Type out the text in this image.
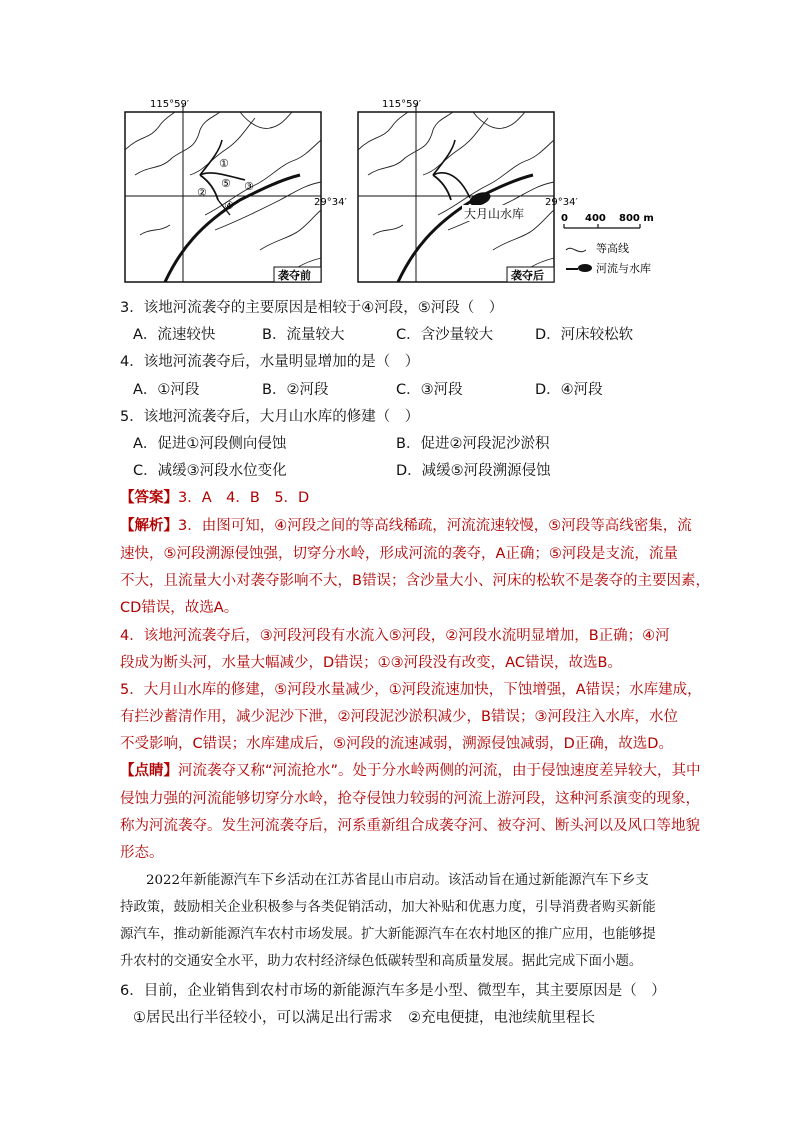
115°59′
29°34′
①
②
⑤ ③
④
袭夺前
115°59′
29°34′
大月山水库
袭夺后
0 400 800 m
等高线
河流与水库
3．该地河流袭夺的主要原因是相较于④河段，⑤河段（　）
A．流速较快	B．流量较大	C．含沙量较大	D．河床较松软
4．该地河流袭夺后，水量明显增加的是（　）
A．①河段	B．②河段	C．③河段	D．④河段
5．该地河流袭夺后，大月山水库的修建（　）
A．促进①河段侧向侵蚀	B．促进②河段泥沙淤积
C．减缓③河段水位变化	D．减缓⑤河段溯源侵蚀
【答案】3．A　4．B　5．D
【解析】3．由图可知，④河段之间的等高线稀疏，河流流速较慢，⑤河段等高线密集，流
速快，⑤河段溯源侵蚀强，切穿分水岭，形成河流的袭夺，A正确；⑤河段是支流，流量
不大，且流量大小对袭夺影响不大，B错误；含沙量大小、河床的松软不是袭夺的主要因素，
CD错误，故选A。
4．该地河流袭夺后，③河段河段有水流入⑤河段，②河段水流明显增加，B正确；④河
段成为断头河，水量大幅减少，D错误；①③河段没有改变，AC错误，故选B。
5．大月山水库的修建，⑤河段水量减少，①河段流速加快，下蚀增强，A错误；水库建成，
有拦沙蓄清作用，减少泥沙下泄，②河段泥沙淤积减少，B错误；③河段注入水库，水位
不受影响，C错误；水库建成后，⑤河段的流速减弱，溯源侵蚀减弱，D正确，故选D。
【点睛】河流袭夺又称“河流抢水”。处于分水岭两侧的河流，由于侵蚀速度差异较大，其中
侵蚀力强的河流能够切穿分水岭，抢夺侵蚀力较弱的河流上游河段，这种河系演变的现象，
称为河流袭夺。发生河流袭夺后，河系重新组合成袭夺河、被夺河、断头河以及风口等地貌
形态。
2022年新能源汽车下乡活动在江苏省昆山市启动。该活动旨在通过新能源汽车下乡支
持政策，鼓励相关企业积极参与各类促销活动，加大补贴和优惠力度，引导消费者购买新能
源汽车，推动新能源汽车农村市场发展。扩大新能源汽车在农村地区的推广应用，也能够提
升农村的交通安全水平，助力农村经济绿色低碳转型和高质量发展。据此完成下面小题。
6．目前，企业销售到农村市场的新能源汽车多是小型、微型车，其主要原因是（　）
①居民出行半径较小，可以满足出行需求 ②充电便捷，电池续航里程长
